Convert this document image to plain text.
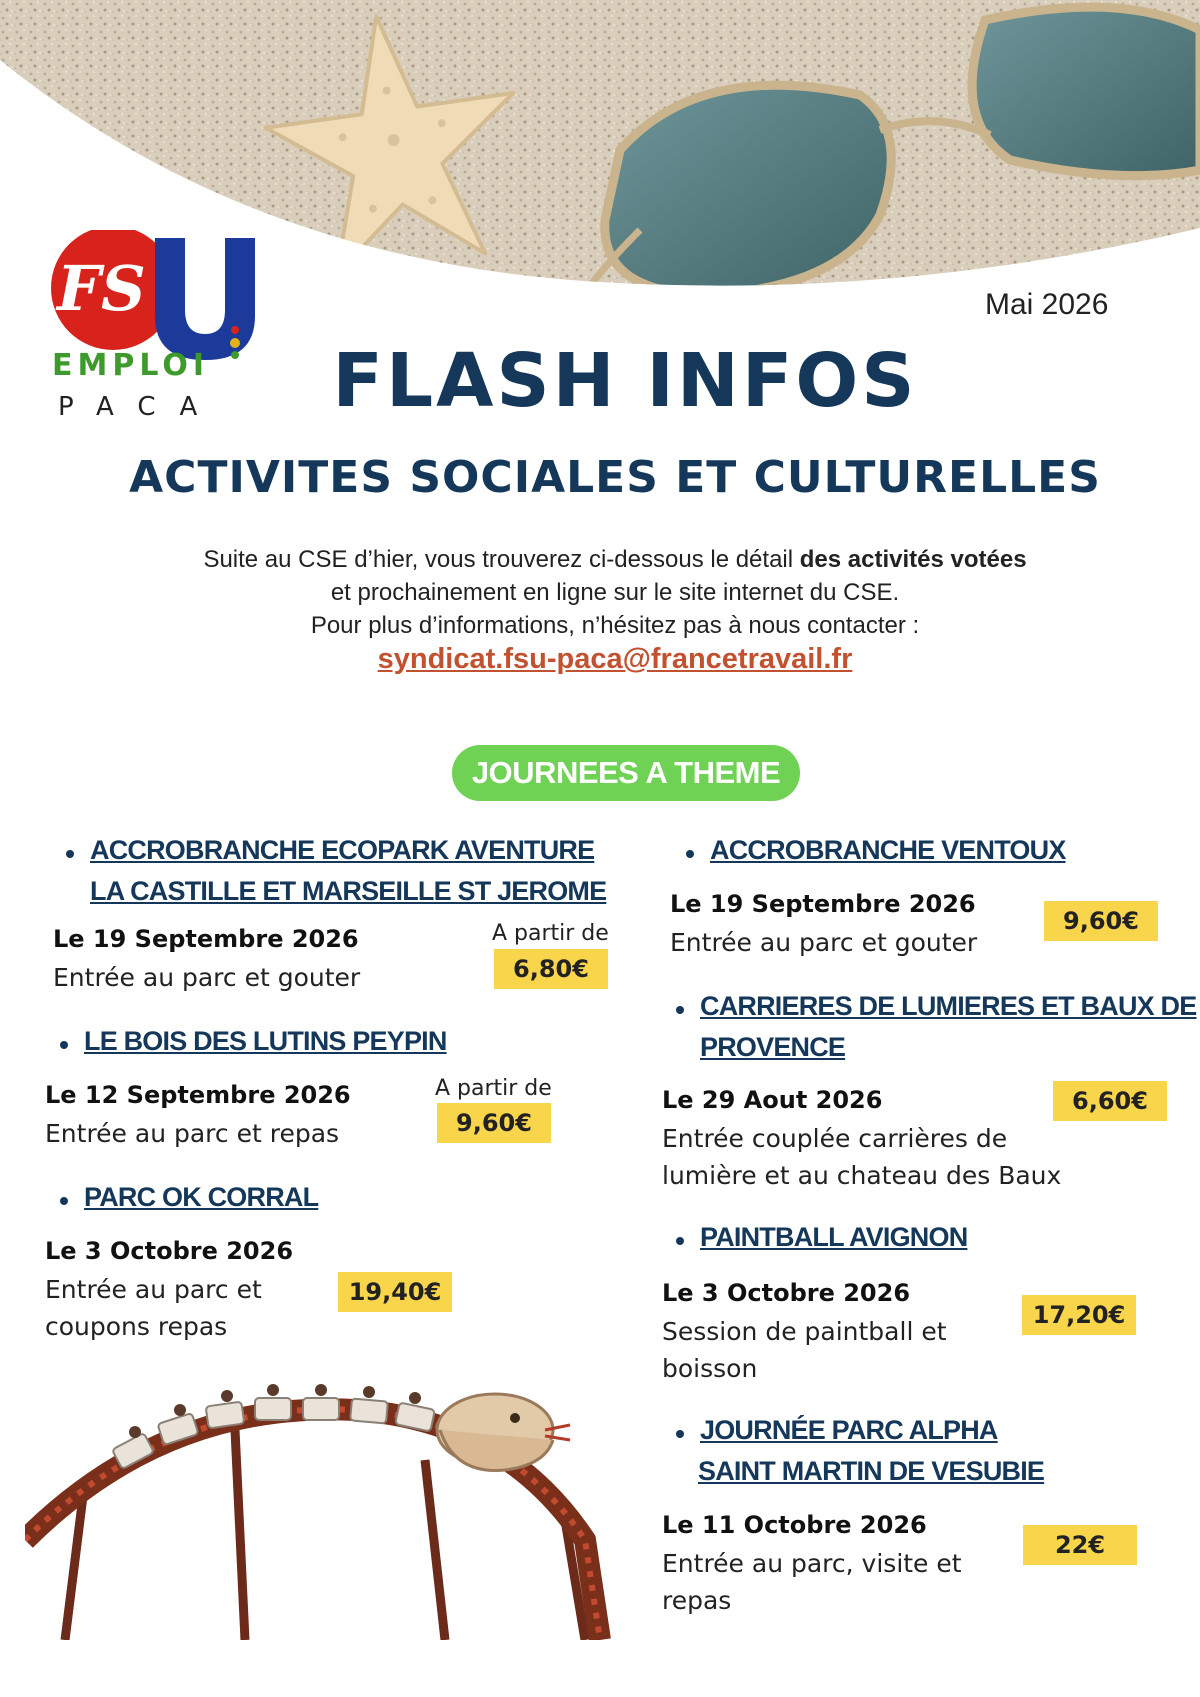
FS
EMPLOI
PACA
Mai 2026
FLASH INFOS
ACTIVITES SOCIALES ET CULTURELLES
Suite au CSE d’hier, vous trouverez ci-dessous le détail des activités votées
et prochainement en ligne sur le site internet du CSE.
Pour plus d’informations, n’hésitez pas à nous contacter :
syndicat.fsu-paca@francetravail.fr
JOURNEES A THEME
ACCROBRANCHE ECOPARK AVENTURE
LA CASTILLE ET MARSEILLE ST JEROME
Le 19 Septembre 2026
Entrée au parc et gouter
A partir de
6,80€
LE BOIS DES LUTINS PEYPIN
Le 12 Septembre 2026
Entrée au parc et repas
A partir de
9,60€
PARC OK CORRAL
Le 3 Octobre 2026
Entrée au parc et
coupons repas
19,40€
ACCROBRANCHE VENTOUX
Le 19 Septembre 2026
Entrée au parc et gouter
9,60€
CARRIERES DE LUMIERES ET BAUX DE
PROVENCE
Le 29 Aout 2026
Entrée couplée carrières de
lumière et au chateau des Baux
6,60€
PAINTBALL AVIGNON
Le 3 Octobre 2026
Session de paintball et
boisson
17,20€
JOURNÉE PARC ALPHA
SAINT MARTIN DE VESUBIE
Le 11 Octobre 2026
Entrée au parc, visite et
repas
22€
